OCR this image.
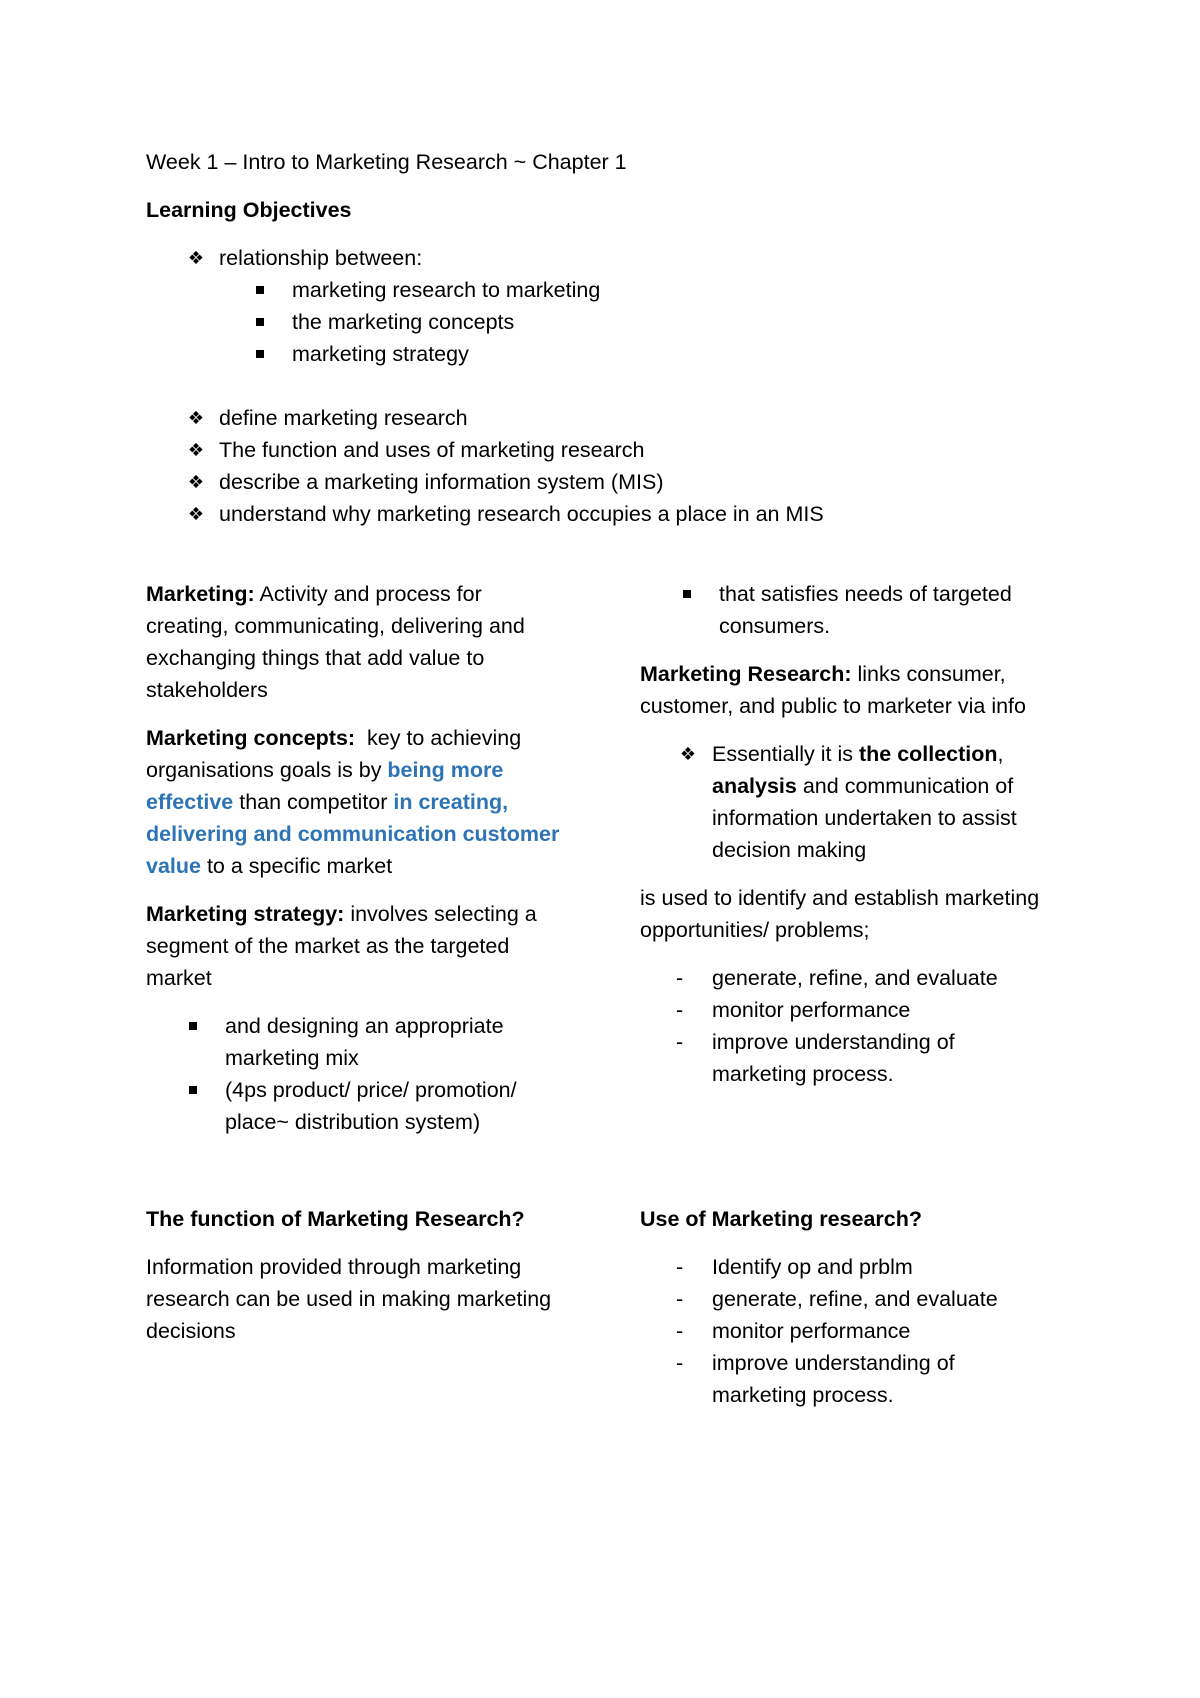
Week 1 – Intro to Marketing Research ~ Chapter 1
Learning Objectives
❖ relationship between:
marketing research to marketing
the marketing concepts
marketing strategy
❖ define marketing research
❖ The function and uses of marketing research
❖ describe a marketing information system (MIS)
❖ understand why marketing research occupies a place in an MIS
Marketing: Activity and process for
creating, communicating, delivering and
exchanging things that add value to
stakeholders
Marketing concepts:  key to achieving
organisations goals is by being more
effective than competitor in creating,
delivering and communication customer
value to a specific market
Marketing strategy: involves selecting a
segment of the market as the targeted
market
and designing an appropriate
marketing mix
(4ps product/ price/ promotion/
place~ distribution system)
The function of Marketing Research?
Information provided through marketing
research can be used in making marketing
decisions
that satisfies needs of targeted
consumers.
Marketing Research: links consumer,
customer, and public to marketer via info
❖ Essentially it is the collection,
analysis and communication of
information undertaken to assist
decision making
is used to identify and establish marketing
opportunities/ problems;
-	generate, refine, and evaluate
-	monitor performance
-	improve understanding of
marketing process.
Use of Marketing research?
-	Identify op and prblm
-	generate, refine, and evaluate
-	monitor performance
-	improve understanding of
marketing process.
